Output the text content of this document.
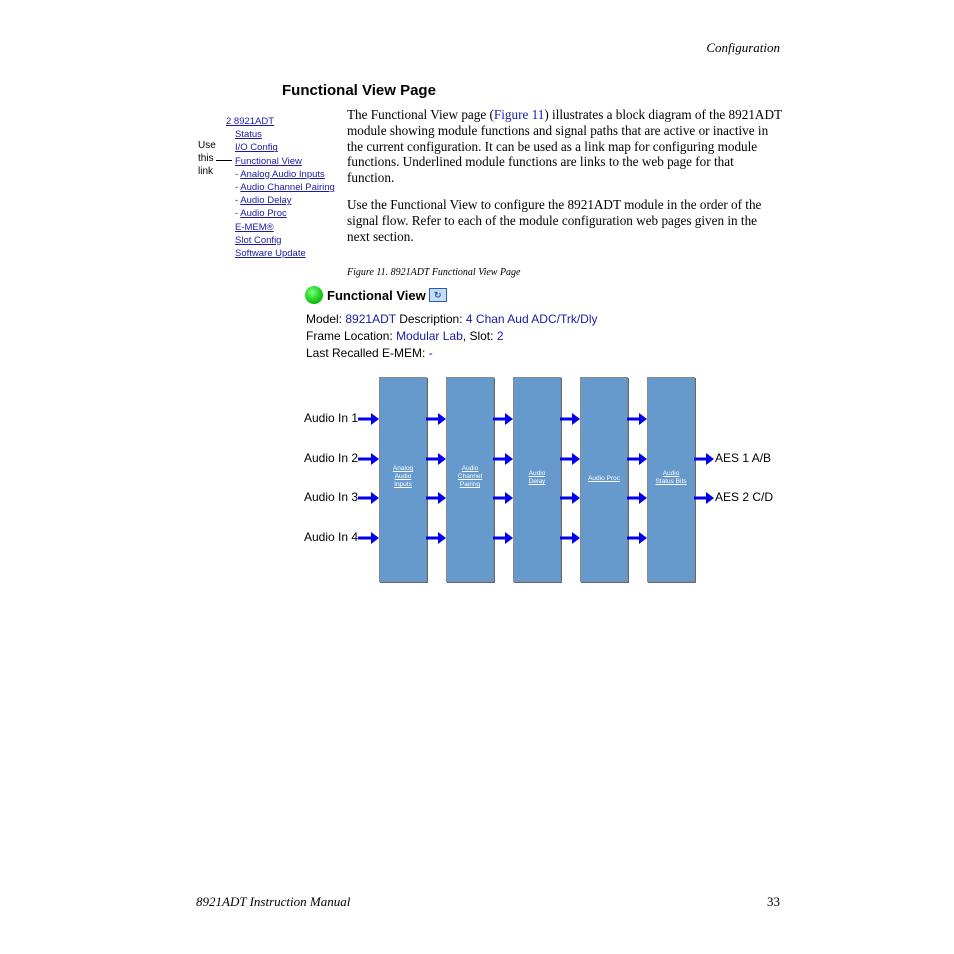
Configuration
Functional View Page
Use
this
link
2 8921ADT
Status
I/O Config
Functional View
- Analog Audio Inputs
- Audio Channel Pairing
- Audio Delay
- Audio Proc
E-MEM®
Slot Config
Software Update
The Functional View page (Figure 11) illustrates a block diagram of the 8921ADT module showing module functions and signal paths that are active or inactive in the current configuration. It can be used as a link map for configuring module functions. Underlined module functions are links to the web page for that function.
Use the Functional View to configure the 8921ADT module in the order of the signal flow. Refer to each of the module configuration web pages given in the next section.
Figure 11. 8921ADT Functional View Page
Functional View ↻
Model: 8921ADT Description: 4 Chan Aud ADC/Trk/Dly
Frame Location: Modular Lab, Slot: 2
Last Recalled E-MEM: -
Analog
Audio
Inputs
Audio
Channel
Pairing
Audio
Delay	Audio Proc
Audio
Status Bits
Audio In 1
Audio In 2
Audio In 3
Audio In 4
AES 1 A/B
AES 2 C/D
8921ADT Instruction Manual	33
